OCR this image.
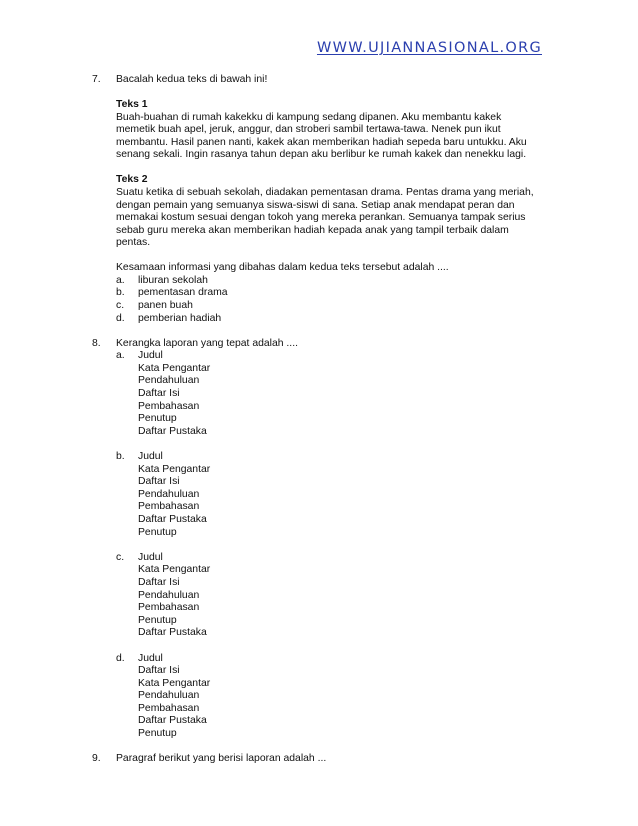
WWW.UJIANNASIONAL.ORG
7. Bacalah kedua teks di bawah ini!
Teks 1
Buah-buahan di rumah kakekku di kampung sedang dipanen. Aku membantu kakek
memetik buah apel, jeruk, anggur, dan stroberi sambil tertawa-tawa. Nenek pun ikut
membantu. Hasil panen nanti, kakek akan memberikan hadiah sepeda baru untukku. Aku
senang sekali. Ingin rasanya tahun depan aku berlibur ke rumah kakek dan nenekku lagi.
Teks 2
Suatu ketika di sebuah sekolah, diadakan pementasan drama. Pentas drama yang meriah,
dengan pemain yang semuanya siswa-siswi di sana. Setiap anak mendapat peran dan
memakai kostum sesuai dengan tokoh yang mereka perankan. Semuanya tampak serius
sebab guru mereka akan memberikan hadiah kepada anak yang tampil terbaik dalam
pentas.
Kesamaan informasi yang dibahas dalam kedua teks tersebut adalah ....
a. liburan sekolah
b. pementasan drama
c. panen buah
d. pemberian hadiah
8. Kerangka laporan yang tepat adalah ....
a. Judul
Kata Pengantar
Pendahuluan
Daftar Isi
Pembahasan
Penutup
Daftar Pustaka
b. Judul
Kata Pengantar
Daftar Isi
Pendahuluan
Pembahasan
Daftar Pustaka
Penutup
c. Judul
Kata Pengantar
Daftar Isi
Pendahuluan
Pembahasan
Penutup
Daftar Pustaka
d. Judul
Daftar Isi
Kata Pengantar
Pendahuluan
Pembahasan
Daftar Pustaka
Penutup
9. Paragraf berikut yang berisi laporan adalah ...
